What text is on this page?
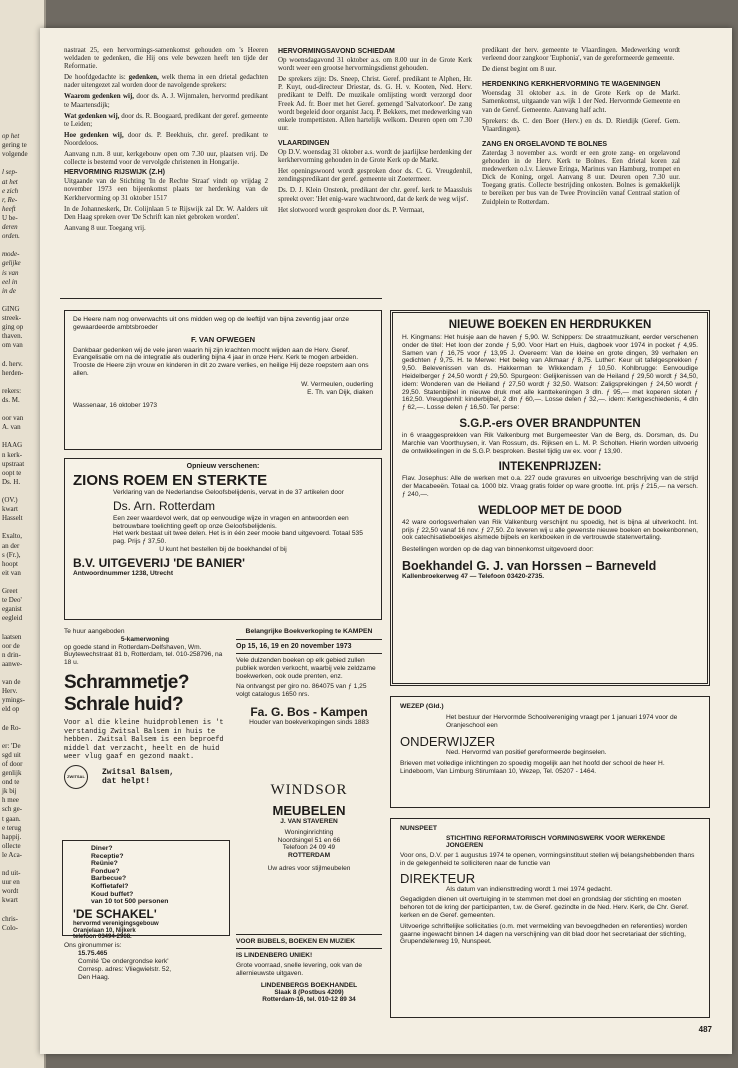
op het
gering te
volgende
l sep-
at het
e zich
r, Re-
heeft
U be-
deren
orden.
mode-
gelijke
is van
eel in
in de
GING
streek-
ging op
thaven.
om van
d. herv.
herden-
rekers:
ds. M.
oor van
A. van
HAAG
n kerk-
upstraat
oopt te
Ds. H.
(OV.)
kwart
Hasselt
Exalto,
an der
s (Fr.),
hoopt
eit van
Greet
te Deo'
eganist
eegleid
laatsen
oor de
n drin-
aanwe-
van de
Herv.
ymings-
eld op
de Ro-
er: 'De
sgd uit
of door
genlijk
ond te
jk bij
h mee
sch ge-
t gaan.
e terug
happij.
ollecte
le Aca-
nd uit-
uur en
wordt
kwart
chris-
Colo-

nastraat 25, een hervormings-samenkomst gehouden om 's Heeren weldaden te gedenken, die Hij ons vele bewezen heeft ten tijde der Reformatie.

De hoofdgedachte is: gedenken, welk thema in een drietal gedachten nader uitengezet zal worden door de navolgende sprekers:

Waarom gedenken wij, door ds. A. J. Wijnmalen, hervormd predikant te Maartensdijk;

Wat gedenken wij, door ds. R. Boogaard, predikant der geref. gemeente te Leiden;

Hoe gedenken wij, door ds. P. Beekhuis, chr. geref. predikant te Noordeloos.

Aanvang n.m. 8 uur, kerkgebouw open om 7.30 uur, plaatsen vrij. De collecte is bestemd voor de vervolgde christenen in Hongarije.

HERVORMING RIJSWIJK (Z.H)

Uitgaande van de Stichting 'In de Rechte Straat' vindt op vrijdag 2 november 1973 een bijeenkomst plaats ter herdenking van de Kerkhervorming op 31 oktober 1517

In de Johanneskerk, Dr. Colijnlaan 5 te Rijswijk zal Dr. W. Aalders uit Den Haag spreken over 'De Schrift kan niet gebroken worden'.

Aanvang 8 uur. Toegang vrij.

HERVORMINGSAVOND SCHIEDAM

Op woensdagavond 31 oktober a.s. om 8.00 uur in de Grote Kerk wordt weer een grootse hervormingsdienst gehouden.

De sprekers zijn: Ds. Sneep, Christ. Geref. predikant te Alphen, Hr. P. Kuyt, oud-directeur Driestar, ds. G. H. v. Kooten, Ned. Herv. predikant te Delft. De muzikale omlijsting wordt verzorgd door Freek Ad. fr. Boer met het Geref. gemengd 'Salvatorkoor'. De zang wordt begeleid door organist Jacq. P. Bekkers, met medewerking van enkele trompettisten. Allen hartelijk welkom. Deuren open om 7.30 uur.

VLAARDINGEN

Op D.V. woensdag 31 oktober a.s. wordt de jaarlijkse herdenking der kerkhervorming gehouden in de Grote Kerk op de Markt.

Het openingswoord wordt gesproken door ds. C. G. Vreugdenhil, zendingspredikant der geref. gemeente uit Zoetermeer.

Ds. D. J. Klein Onstenk, predikant der chr. geref. kerk te Maassluis spreekt over: 'Het enig-ware wachtwoord, dat de kerk de weg wijst'.

Het slotwoord wordt gesproken door ds. P. Vermaat,

predikant der herv. gemeente te Vlaardingen. Medewerking wordt verleend door zangkoor 'Euphonia', van de gereformeerde gemeente.

De dienst begint om 8 uur.

HERDENKING KERKHERVORMING TE WAGENINGEN

Woensdag 31 oktober a.s. in de Grote Kerk op de Markt. Samenkomst, uitgaande van wijk 1 der Ned. Hervormde Gemeente en van de Geref. Gemeente. Aanvang half acht.

Sprekers: ds. C. den Boer (Herv.) en ds. D. Rietdijk (Geref. Gem. Vlaardingen).

ZANG EN ORGELAVOND TE BOLNES

Zaterdag 3 november a.s. wordt er een grote zang- en orgelavond gehouden in de Herv. Kerk te Bolnes. Een drietal koren zal medewerken o.l.v. Lieuwe Eringa, Marinus van Hamburg, trompet en Dick de Koning, orgel. Aanvang 8 uur. Deuren open 7.30 uur. Toegang gratis. Collecte bestrijding onkosten. Bolnes is gemakkelijk te bereiken per bus van de Twee Provinciën vanaf Centraal station of Zuidplein te Rotterdam.

De Heere nam nog onverwachts uit ons midden weg op de leeftijd van bijna zeventig jaar onze gewaardeerde ambtsbroeder
F. VAN OFWEGEN
Dankbaar gedenken wij de vele jaren waarin hij zijn krachten mocht wijden aan de Herv. Geref. Evangelisatie om na de integratie als ouderling bijna 4 jaar in onze Herv. Kerk te mogen arbeiden.
Trooste de Heere zijn vrouw en kinderen in dit zo zware verlies, en heilige Hij deze roepstem aan ons allen.
W. Vermeulen, ouderling
E. Th. van Dijk, diaken
Wassenaar, 16 oktober 1973
Opnieuw verschenen:
ZIONS ROEM EN STERKTE
Verklaring van de Nederlandse Geloofsbelijdenis, vervat in de 37 artikelen door
Ds. Arn. Rotterdam
Een zeer waardevol werk, dat op eenvoudige wijze in vragen en antwoorden een betrouwbare toelichting geeft op onze Geloofsbelijdenis.
Het werk bestaat uit twee delen. Het is in één zeer mooie band uitgevoerd. Totaal 535 pag. Prijs ƒ 37,50.
U kunt het bestellen bij de boekhandel of bij
B.V. UITGEVERIJ 'DE BANIER'
Antwoordnummer 1238, Utrecht
Te huur aangeboden
5-kamerwoning
op goede stand in Rotterdam-Delfshaven, Wm. Buytewechstraat 81 b, Rotterdam, tel. 010-258796, na 18 u.
Schrammetje?
Schrale huid?
Voor al die kleine huidproblemen is 't verstandig Zwitsal Balsem in huis te hebben. Zwitsal Balsem is een beproefd middel dat verzacht, heelt en de huid weer vlug gaaf en gezond maakt.
ZWITSAL	Zwitsal Balsem,
dat helpt!
Diner?
Receptie?
Reünie?
Fondue?
Barbecue?
Koffietafel?
Koud buffet?
van 10 tot 500 personen
'DE SCHAKEL'
hervormd verenigingsgebouw
Oranjelaan 10, Nijkerk
telefoon 03494-2968.
Ons gironummer is:
15.75.465
Comité 'De ondergrondse kerk'
Corresp. adres: Vliegwielstr. 52,
Den Haag.
Belangrijke Boekverkoping te KAMPEN
Op 15, 16, 19 en 20 november 1973
Vele dulzenden boeken op elk gebied zullen publiek worden verkocht, waarbij vele zeldzame boekwerken, ook oude prenten, enz.
Na ontvangst per giro no. 864075 van ƒ 1,25 volgt catalogus 1650 nrs.
Fa. G. Bos - Kampen
Houder van boekverkopingen sinds 1883
WINDSOR
MEUBELEN
J. VAN STAVEREN
Woninginrichting
Noordsingel 51 en 66
Telefoon 24 09 49
ROTTERDAM
Uw adres voor stijlmeubelen
VOOR BIJBELS, BOEKEN EN MUZIEK
IS LINDENBERG UNIEK!
Grote voorraad, snelle levering, ook van de allernieuwste uitgaven.
LINDENBERGS BOEKHANDEL
Slaak 8 (Postbus 4209)
Rotterdam-16, tel. 010-12 89 34
NIEUWE BOEKEN EN HERDRUKKEN
H. Kingmans: Het huisje aan de haven ƒ 5,90. W. Schippers: De straatmuzikant, eerder verschenen onder de titel: Het loon der zonde ƒ 5,90. Voor Hart en Huis, dagboek voor 1974 in pocket ƒ 4,95. Samen van ƒ 16,75 voor ƒ 13,95 J. Overeem: Van de kleine en grote dingen, 39 verhalen en gedichten ƒ 9,75. H. te Merwe: Het beleg van Alkmaar ƒ 8,75. Luther: Keur uit tafelgesprekken ƒ 9,50. Belevenissen van ds. Hakkerman te Wikkendam ƒ 10,50. Kohlbrugge: Eenvoudige Heidelberger ƒ 24,50 wordt ƒ 29,50. Spurgeon: Gelijkenissen van de Heiland ƒ 29,50 wordt ƒ 34,50, idem: Wonderen van de Heiland ƒ 27,50 wordt ƒ 32,50. Watson: Zaligsprekingen ƒ 24,50 wordt ƒ 29,50. Statenbijbel in nieuwe druk met alle kanttekeningen 3 dln. ƒ 95,— met koperen sloten ƒ 162,50. Vreugdenhil: kinderbijbel, 2 dln ƒ 60,—. Losse delen ƒ 32,—. idem: Kerkgeschiedenis, 4 dln ƒ 62,—. Losse delen ƒ 16,50. Ter perse:
S.G.P.-ers OVER BRANDPUNTEN
in 6 vraaggesprekken van Rik Valkenburg met Burgemeester Van de Berg, ds. Dorsman, ds. Du Marchie van Voorthuysen, ir. Van Rossum, ds. Rijksen en L. M. P. Scholten. Hierin worden uitvoerig de ontwikkelingen in de S.G.P. besproken. Bestel tijdig uw ex. voor ƒ 13,90.
INTEKENPRIJZEN:
Flav. Josephus: Alle de werken met o.a. 227 oude gravures en uitvoerige beschrijving van de strijd der Macabeeën. Totaal ca. 1000 blz. Vraag gratis folder op ware grootte. Int. prijs ƒ 215,— na versch. ƒ 240,—.
WEDLOOP MET DE DOOD
42 ware oorlogsverhalen van Rik Valkenburg verschijnt nu spoedig, het is bijna al uitverkocht. Int. prijs ƒ 22,50 vanaf 16 nov. ƒ 27,50. Zo leveren wij u alle gewenste nieuwe boeken en boekenbonnen, ook catechisatieboekjes alsmede bijbels en kerkboeken in de vertrouwde statenvertaling.
Bestellingen worden op de dag van binnenkomst uitgevoerd door:
Boekhandel G. J. van Horssen – Barneveld
Kallenbroekerweg 47 — Telefoon 03420-2735.
WEZEP (Gld.)
Het bestuur der Hervormde Schoolvereniging vraagt per 1 januari 1974 voor de Oranjeschool een
ONDERWIJZER
Ned. Hervormd van positief gereformeerde beginselen.
Brieven met volledige inlichtingen zo spoedig mogelijk aan het hoofd der school de heer H. Lindeboom, Van Limburg Stirumlaan 10, Wezep, Tel. 05207 - 1464.
NUNSPEET
STICHTING REFORMATORISCH VORMINGSWERK VOOR WERKENDE JONGEREN
Voor ons, D.V. per 1 augustus 1974 te openen, vormingsinstituut stellen wij belangshebbenden thans in de gelegenheid te solliciteren naar de functie van
DIREKTEUR
Als datum van indiensttreding wordt 1 mei 1974 gedacht.
Gegadigden dienen uit overtuiging in te stemmen met doel en grondslag der stichting en moeten behoren tot de kring der participanten, t.w. de Geref. gezindte in de Ned. Herv. Kerk, de Chr. Geref. kerken en de Geref. gemeenten.
Uitvoerige schriftelijke sollicitaties (o.m. met vermelding van bevoegdheden en referenties) worden gaarne ingewacht binnen 14 dagen na verschijning van dit blad door het secretariaat der stichting, Grupendelerweg 19, Nunspeet.
487
